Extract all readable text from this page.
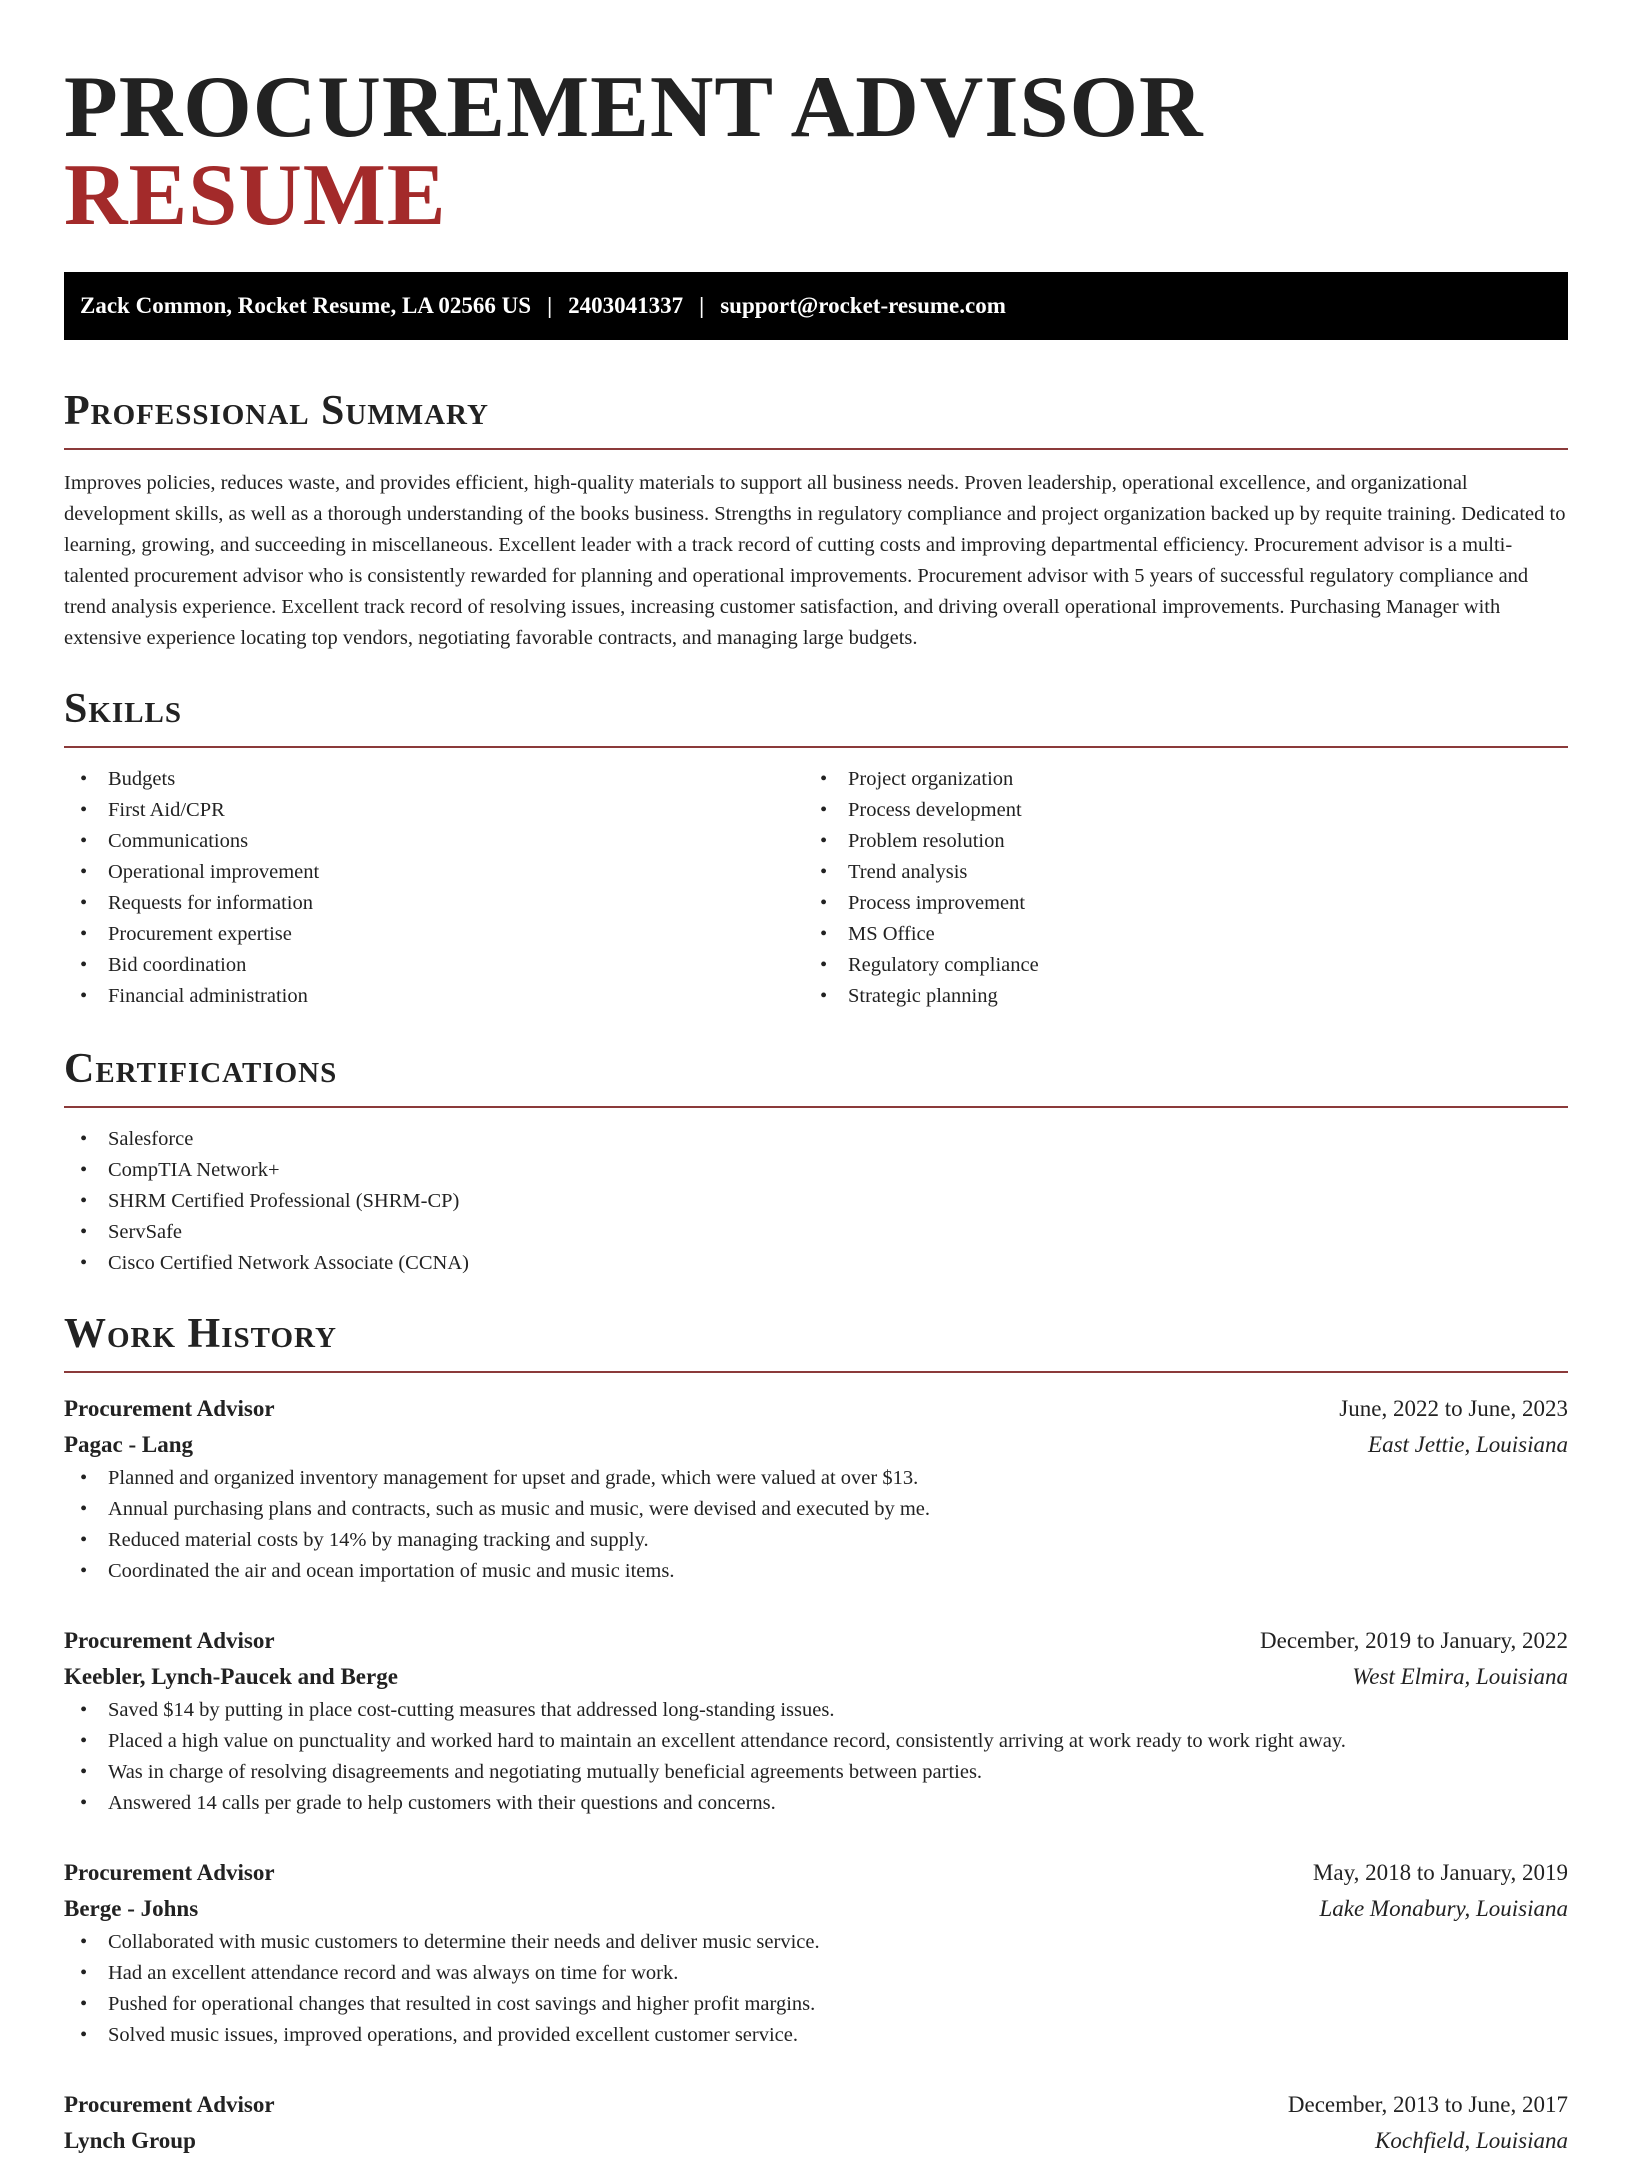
PROCUREMENT ADVISOR RESUME
Zack Common, Rocket Resume, LA 02566 US | 2403041337 | support@rocket-resume.com
Professional Summary

Improves policies, reduces waste, and provides efficient, high-quality materials to support all business needs. Proven leadership, operational excellence, and organizational development skills, as well as a thorough understanding of the books business. Strengths in regulatory compliance and project organization backed up by requite training. Dedicated to learning, growing, and succeeding in miscellaneous. Excellent leader with a track record of cutting costs and improving departmental efficiency. Procurement advisor is a multi-talented procurement advisor who is consistently rewarded for planning and operational improvements. Procurement advisor with 5 years of successful regulatory compliance and trend analysis experience. Excellent track record of resolving issues, increasing customer satisfaction, and driving overall operational improvements. Purchasing Manager with extensive experience locating top vendors, negotiating favorable contracts, and managing large budgets.

Skills
• Budgets
• First Aid/CPR
• Communications
• Operational improvement
• Requests for information
• Procurement expertise
• Bid coordination
• Financial administration
• Project organization
• Process development
• Problem resolution
• Trend analysis
• Process improvement
• MS Office
• Regulatory compliance
• Strategic planning
Certifications
• Salesforce
• CompTIA Network+
• SHRM Certified Professional (SHRM-CP)
• ServSafe
• Cisco Certified Network Associate (CCNA)
Work History
Procurement Advisor	June, 2022 to June, 2023
Pagac - Lang	East Jettie, Louisiana
• Planned and organized inventory management for upset and grade, which were valued at over $13.
• Annual purchasing plans and contracts, such as music and music, were devised and executed by me.
• Reduced material costs by 14% by managing tracking and supply.
• Coordinated the air and ocean importation of music and music items.
Procurement Advisor	December, 2019 to January, 2022
Keebler, Lynch-Paucek and Berge	West Elmira, Louisiana
• Saved $14 by putting in place cost-cutting measures that addressed long-standing issues.
• Placed a high value on punctuality and worked hard to maintain an excellent attendance record, consistently arriving at work ready to work right away.
• Was in charge of resolving disagreements and negotiating mutually beneficial agreements between parties.
• Answered 14 calls per grade to help customers with their questions and concerns.
Procurement Advisor	May, 2018 to January, 2019
Berge - Johns	Lake Monabury, Louisiana
• Collaborated with music customers to determine their needs and deliver music service.
• Had an excellent attendance record and was always on time for work.
• Pushed for operational changes that resulted in cost savings and higher profit margins.
• Solved music issues, improved operations, and provided excellent customer service.
Procurement Advisor	December, 2013 to June, 2017
Lynch Group	Kochfield, Louisiana
